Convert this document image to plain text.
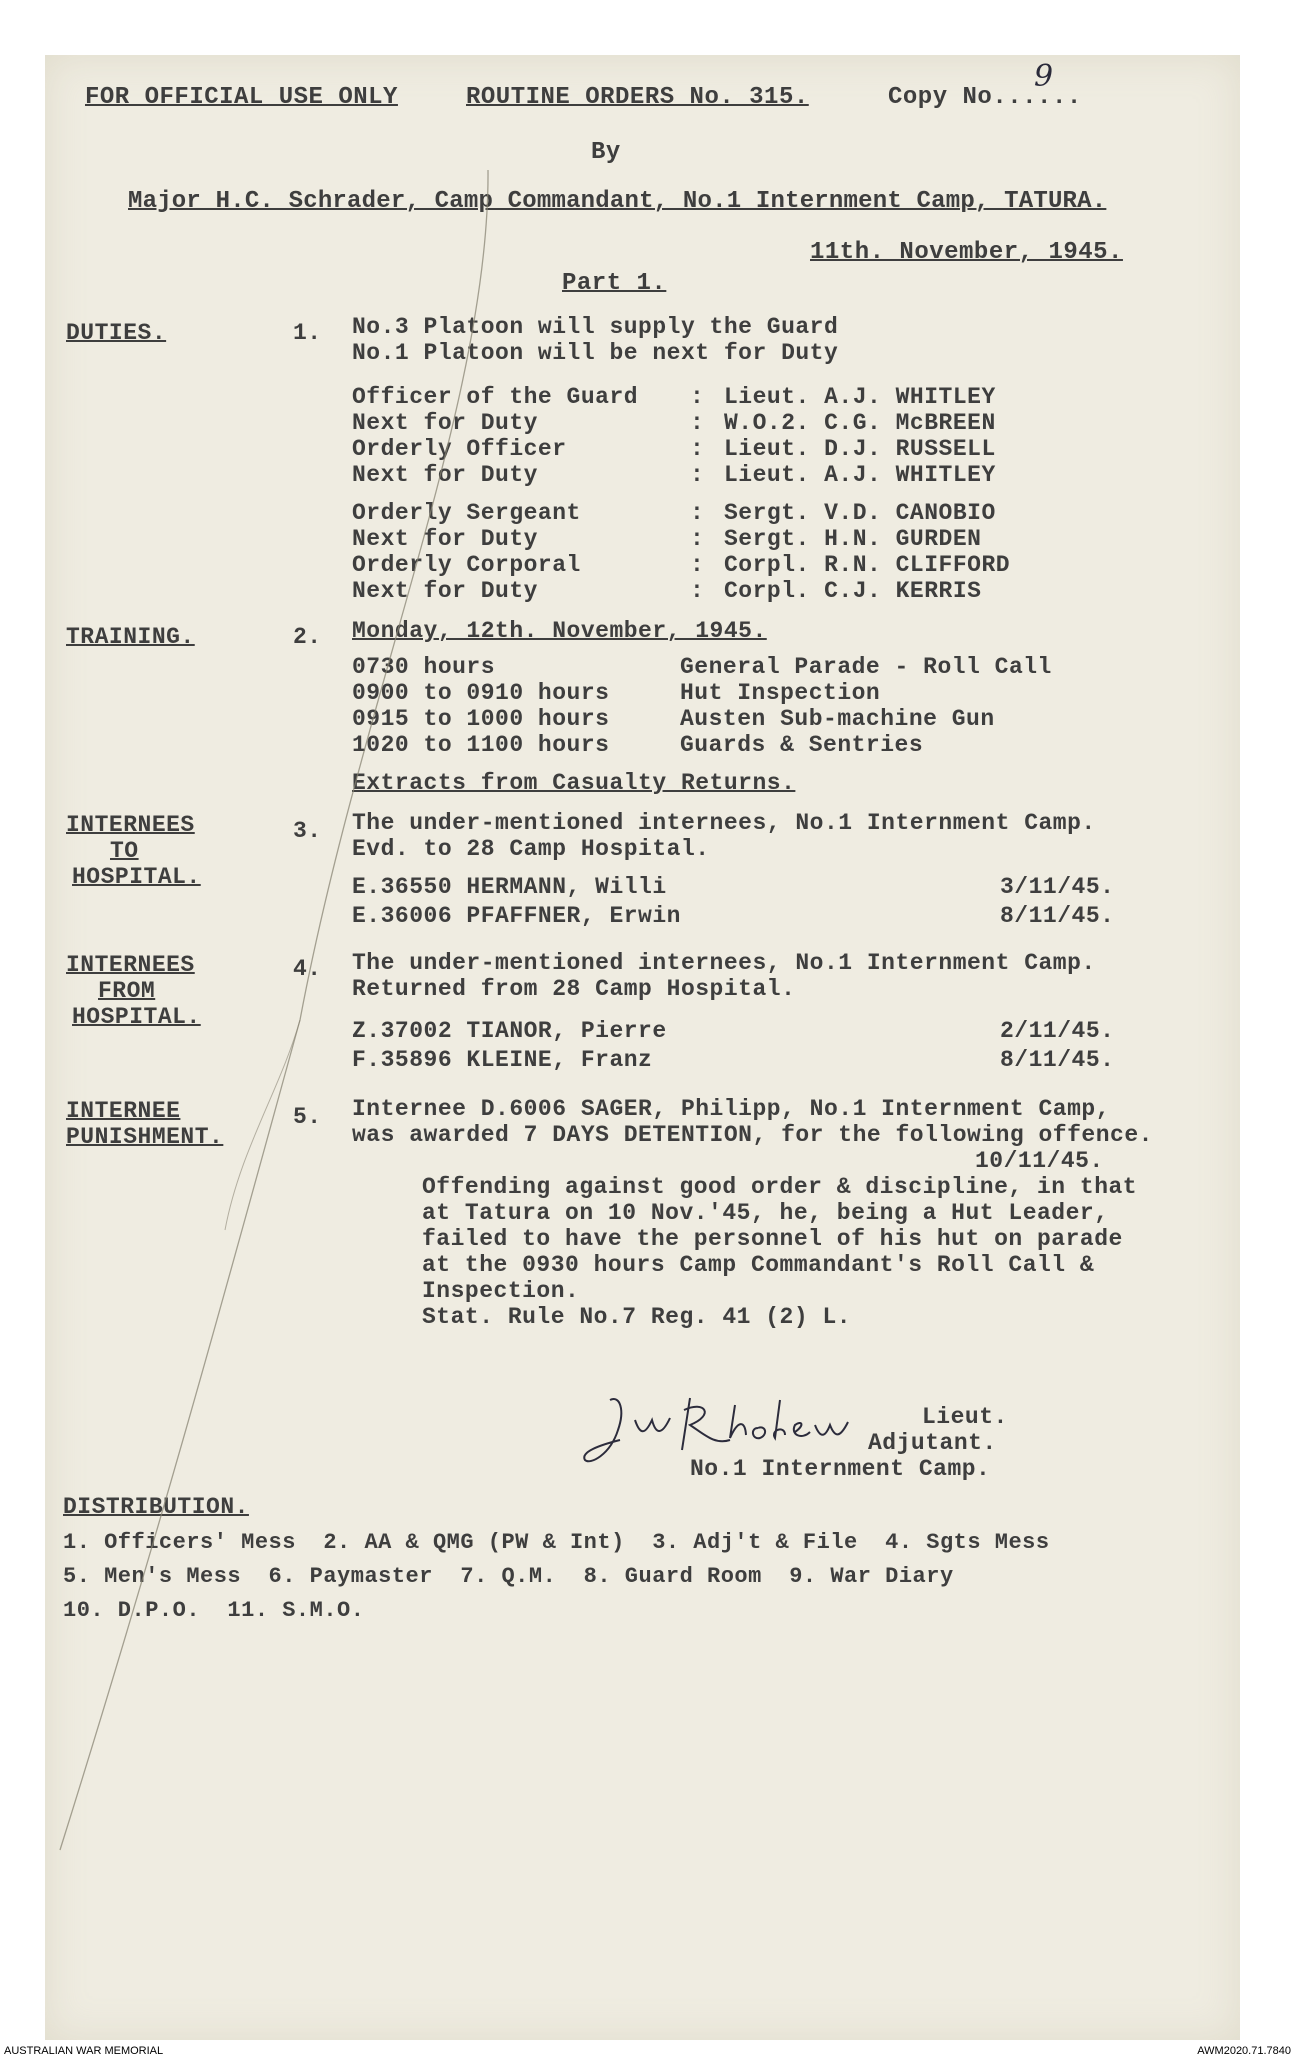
FOR OFFICIAL USE ONLY	ROUTINE ORDERS No. 315.	Copy No......
9
By
Major H.C. Schrader, Camp Commandant, No.1 Internment Camp, TATURA.
11th. November, 1945.
Part 1.
DUTIES.	1. No.3 Platoon will supply the Guard
No.1 Platoon will be next for Duty
Officer of the Guard : Lieut. A.J. WHITLEY
Next for Duty	: W.O.2. C.G. McBREEN
Orderly Officer	: Lieut. D.J. RUSSELL
Next for Duty	: Lieut. A.J. WHITLEY
Orderly Sergeant	: Sergt. V.D. CANOBIO
Next for Duty	: Sergt. H.N. GURDEN
Orderly Corporal	: Corpl. R.N. CLIFFORD
Next for Duty	: Corpl. C.J. KERRIS
TRAINING.	2. Monday, 12th. November, 1945.
0730 hours	General Parade - Roll Call
0900 to 0910 hours	Hut Inspection
0915 to 1000 hours	Austen Sub-machine Gun
1020 to 1100 hours	Guards & Sentries
Extracts from Casualty Returns.
INTERNEES
TO
HOSPITAL.
3. The under-mentioned internees, No.1 Internment Camp.
Evd. to 28 Camp Hospital.
E.36550 HERMANN, Willi	3/11/45.
E.36006 PFAFFNER, Erwin	8/11/45.
INTERNEES
FROM
HOSPITAL.
4. The under-mentioned internees, No.1 Internment Camp.
Returned from 28 Camp Hospital.
Z.37002 TIANOR, Pierre	2/11/45.
F.35896 KLEINE, Franz	8/11/45.
INTERNEE
PUNISHMENT.
5. Internee D.6006 SAGER, Philipp, No.1 Internment Camp,
was awarded 7 DAYS DETENTION, for the following offence.
10/11/45.
Offending against good order & discipline, in that
at Tatura on 10 Nov.'45, he, being a Hut Leader,
failed to have the personnel of his hut on parade
at the 0930 hours Camp Commandant's Roll Call &
Inspection.
Stat. Rule No.7 Reg. 41 (2) L.
Lieut.
Adjutant.
No.1 Internment Camp.
DISTRIBUTION.
1. Officers' Mess  2. AA & QMG (PW & Int)  3. Adj't & File  4. Sgts Mess
5. Men's Mess  6. Paymaster  7. Q.M.  8. Guard Room  9. War Diary
10. D.P.O.  11. S.M.O.
AUSTRALIAN WAR MEMORIAL	AWM2020.71.7840
